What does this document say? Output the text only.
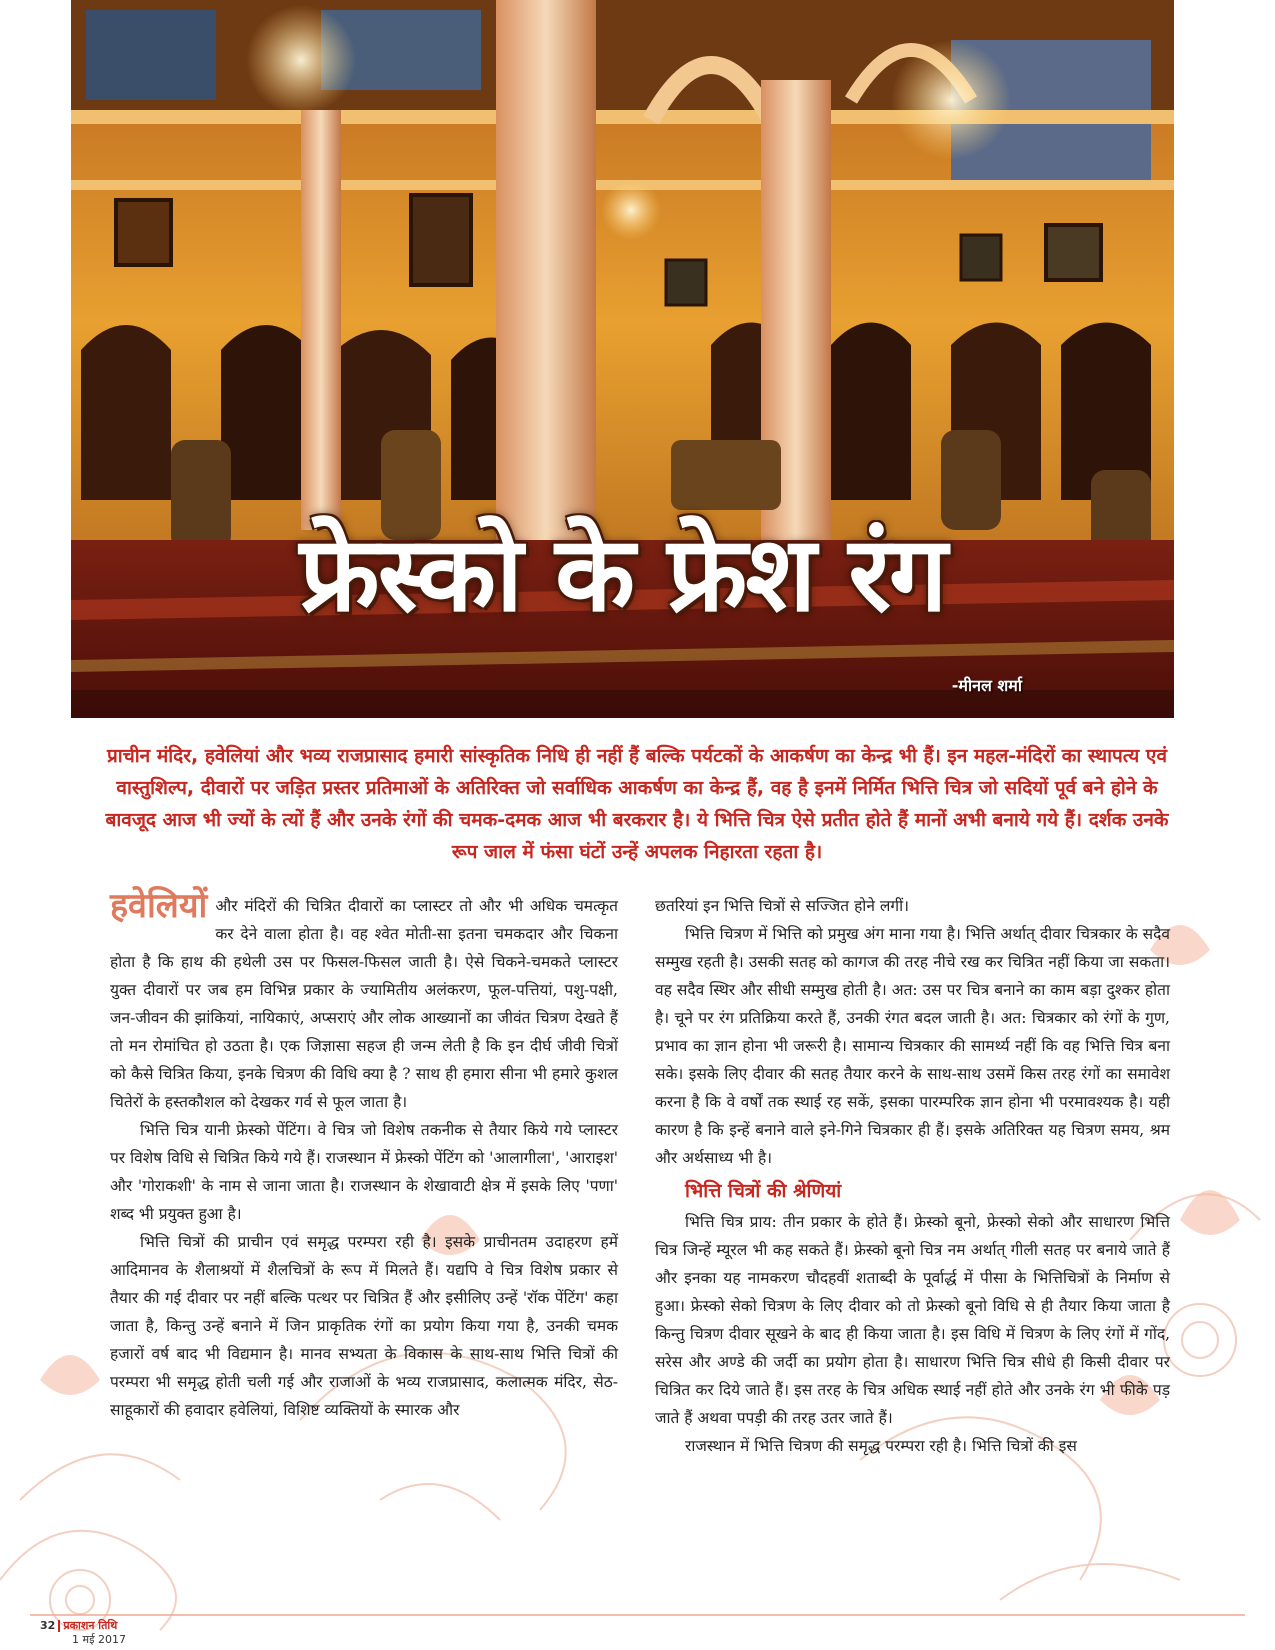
फ्रेस्को के फ्रेश रंग
-मीनल शर्मा

प्राचीन मंदिर, हवेलियां और भव्य राजप्रासाद हमारी सांस्कृतिक निधि ही नहीं हैं बल्कि पर्यटकों के आकर्षण का केन्द्र भी हैं। इन महल-मंदिरों का स्थापत्य एवं वास्तुशिल्प, दीवारों पर जड़ित प्रस्तर प्रतिमाओं के अतिरिक्त जो सर्वाधिक आकर्षण का केन्द्र हैं, वह है इनमें निर्मित भित्ति चित्र जो सदियों पूर्व बने होने के बावजूद आज भी ज्यों के त्यों हैं और उनके रंगों की चमक-दमक आज भी बरकरार है। ये भित्ति चित्र ऐसे प्रतीत होते हैं मानों अभी बनाये गये हैं। दर्शक उनके रूप जाल में फंसा घंटों उन्हें अपलक निहारता रहता है।

हवेलियों और मंदिरों की चित्रित दीवारों का प्लास्टर तो और भी अधिक चमत्कृत कर देने वाला होता है। वह श्वेत मोती-सा इतना चमकदार और चिकना होता है कि हाथ की हथेली उस पर फिसल-फिसल जाती है। ऐसे चिकने-चमकते प्लास्टर युक्त दीवारों पर जब हम विभिन्न प्रकार के ज्यामितीय अलंकरण, फूल-पत्तियां, पशु-पक्षी, जन-जीवन की झांकियां, नायिकाएं, अप्सराएं और लोक आख्यानों का जीवंत चित्रण देखते हैं तो मन रोमांचित हो उठता है। एक जिज्ञासा सहज ही जन्म लेती है कि इन दीर्घ जीवी चित्रों को कैसे चित्रित किया, इनके चित्रण की विधि क्या है ? साथ ही हमारा सीना भी हमारे कुशल चितेरों के हस्तकौशल को देखकर गर्व से फूल जाता है।

भित्ति चित्र यानी फ्रेस्को पेंटिंग। वे चित्र जो विशेष तकनीक से तैयार किये गये प्लास्टर पर विशेष विधि से चित्रित किये गये हैं। राजस्थान में फ्रेस्को पेंटिंग को 'आलागीला', 'आराइश' और 'गोराकशी' के नाम से जाना जाता है। राजस्थान के शेखावाटी क्षेत्र में इसके लिए 'पणा' शब्द भी प्रयुक्त हुआ है।

भित्ति चित्रों की प्राचीन एवं समृद्ध परम्परा रही है। इसके प्राचीनतम उदाहरण हमें आदिमानव के शैलाश्रयों में शैलचित्रों के रूप में मिलते हैं। यद्यपि वे चित्र विशेष प्रकार से तैयार की गई दीवार पर नहीं बल्कि पत्थर पर चित्रित हैं और इसीलिए उन्हें 'रॉक पेंटिंग' कहा जाता है, किन्तु उन्हें बनाने में जिन प्राकृतिक रंगों का प्रयोग किया गया है, उनकी चमक हजारों वर्ष बाद भी विद्यमान है। मानव सभ्यता के विकास के साथ-साथ भित्ति चित्रों की परम्परा भी समृद्ध होती चली गई और राजाओं के भव्य राजप्रासाद, कलात्मक मंदिर, सेठ-साहूकारों की हवादार हवेलियां, विशिष्ट व्यक्तियों के स्मारक और

छतरियां इन भित्ति चित्रों से सज्जित होने लगीं।

भित्ति चित्रण में भित्ति को प्रमुख अंग माना गया है। भित्ति अर्थात् दीवार चित्रकार के सदैव सम्मुख रहती है। उसकी सतह को कागज की तरह नीचे रख कर चित्रित नहीं किया जा सकता। वह सदैव स्थिर और सीधी सम्मुख होती है। अत: उस पर चित्र बनाने का काम बड़ा दुश्कर होता है। चूने पर रंग प्रतिक्रिया करते हैं, उनकी रंगत बदल जाती है। अत: चित्रकार को रंगों के गुण, प्रभाव का ज्ञान होना भी जरूरी है। सामान्य चित्रकार की सामर्थ्य नहीं कि वह भित्ति चित्र बना सके। इसके लिए दीवार की सतह तैयार करने के साथ-साथ उसमें किस तरह रंगों का समावेश करना है कि वे वर्षों तक स्थाई रह सकें, इसका पारम्परिक ज्ञान होना भी परमावश्यक है। यही कारण है कि इन्हें बनाने वाले इने-गिने चित्रकार ही हैं। इसके अतिरिक्त यह चित्रण समय, श्रम और अर्थसाध्य भी है।

भित्ति चित्रों की श्रेणियां

भित्ति चित्र प्राय: तीन प्रकार के होते हैं। फ्रेस्को बूनो, फ्रेस्को सेको और साधारण भित्ति चित्र जिन्हें म्यूरल भी कह सकते हैं। फ्रेस्को बूनो चित्र नम अर्थात् गीली सतह पर बनाये जाते हैं और इनका यह नामकरण चौदहवीं शताब्दी के पूर्वार्द्ध में पीसा के भित्तिचित्रों के निर्माण से हुआ। फ्रेस्को सेको चित्रण के लिए दीवार को तो फ्रेस्को बूनो विधि से ही तैयार किया जाता है किन्तु चित्रण दीवार सूखने के बाद ही किया जाता है। इस विधि में चित्रण के लिए रंगों में गोंद, सरेस और अण्डे की जर्दी का प्रयोग होता है। साधारण भित्ति चित्र सीधे ही किसी दीवार पर चित्रित कर दिये जाते हैं। इस तरह के चित्र अधिक स्थाई नहीं होते और उनके रंग भी फीके पड़ जाते हैं अथवा पपड़ी की तरह उतर जाते हैं।

राजस्थान में भित्ति चित्रण की समृद्ध परम्परा रही है। भित्ति चित्रों की इस

32 प्रकाशन तिथि
1 मई 2017
